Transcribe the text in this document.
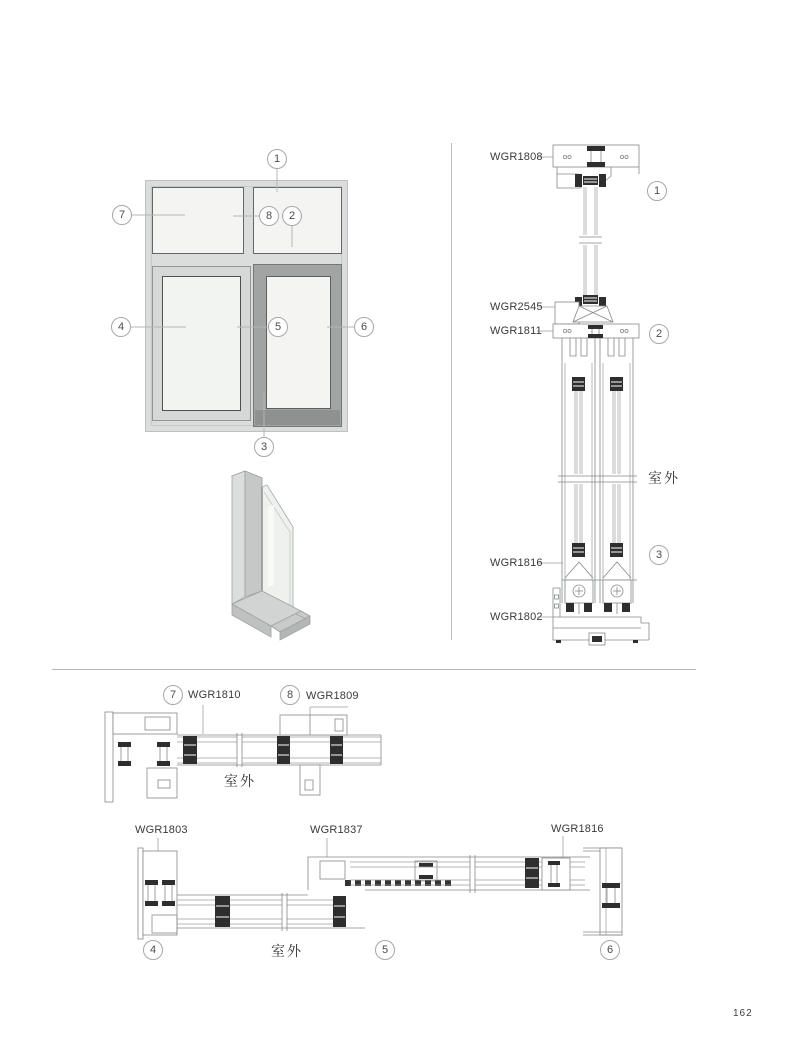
1
7	8 2
4	5	6
3
WGR1808
WGR2545
WGR1811
WGR1816
WGR1802
1
2
3
室外
7 WGR1810	8 WGR1809
室外
WGR1803	WGR1837	WGR1816
4	5	6
室外
162
